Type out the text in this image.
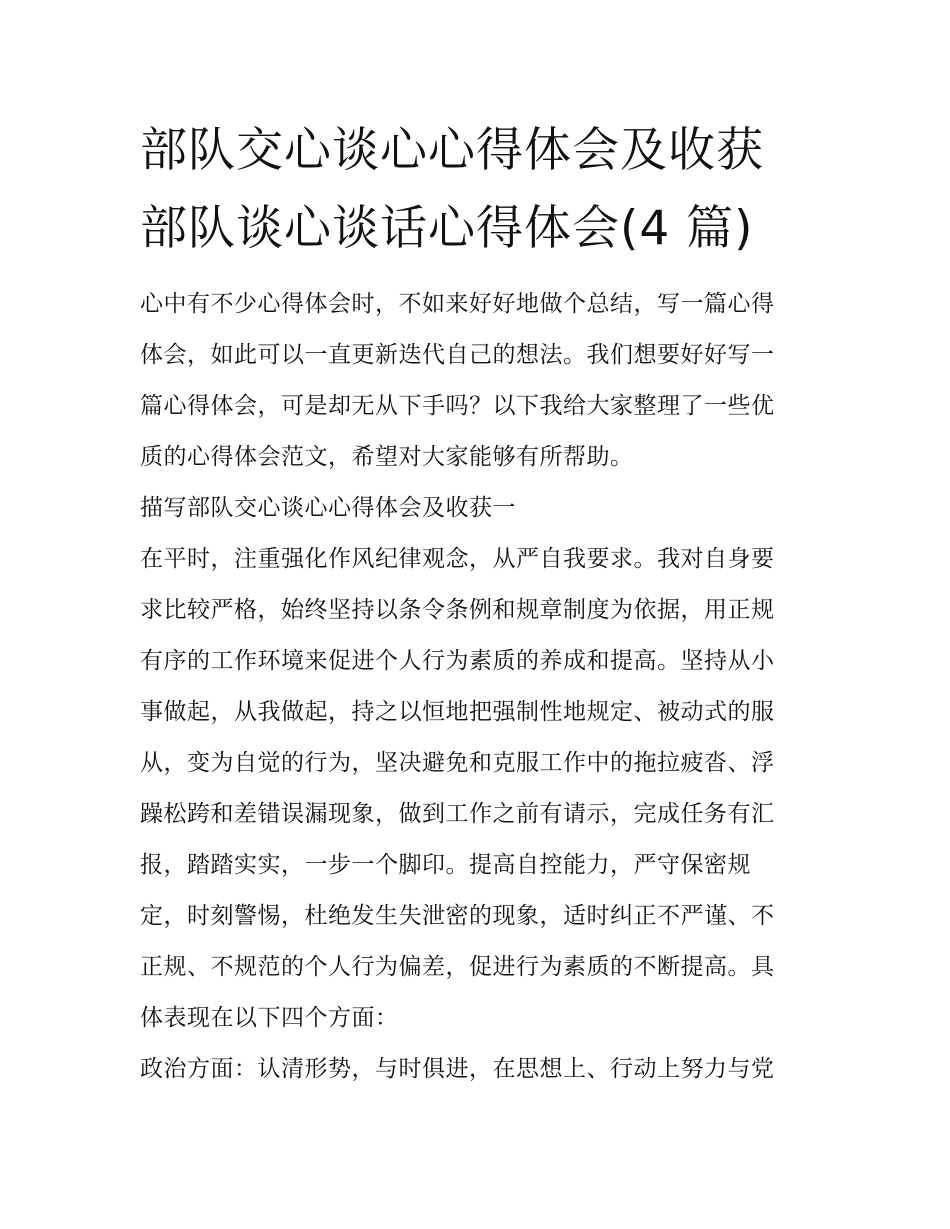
部队交心谈心心得体会及收获
部队谈心谈话心得体会(4 篇)
心中有不少心得体会时，不如来好好地做个总结，写一篇心得
体会，如此可以一直更新迭代自己的想法。我们想要好好写一
篇心得体会，可是却无从下手吗？以下我给大家整理了一些优
质的心得体会范文，希望对大家能够有所帮助。
描写部队交心谈心心得体会及收获一
在平时，注重强化作风纪律观念，从严自我要求。我对自身要
求比较严格，始终坚持以条令条例和规章制度为依据，用正规
有序的工作环境来促进个人行为素质的养成和提高。坚持从小
事做起，从我做起，持之以恒地把强制性地规定、被动式的服
从，变为自觉的行为，坚决避免和克服工作中的拖拉疲沓、浮
躁松跨和差错误漏现象，做到工作之前有请示，完成任务有汇
报，踏踏实实，一步一个脚印。提高自控能力，严守保密规
定，时刻警惕，杜绝发生失泄密的现象，适时纠正不严谨、不
正规、不规范的个人行为偏差，促进行为素质的不断提高。具
体表现在以下四个方面：
政治方面：认清形势，与时俱进，在思想上、行动上努力与党
